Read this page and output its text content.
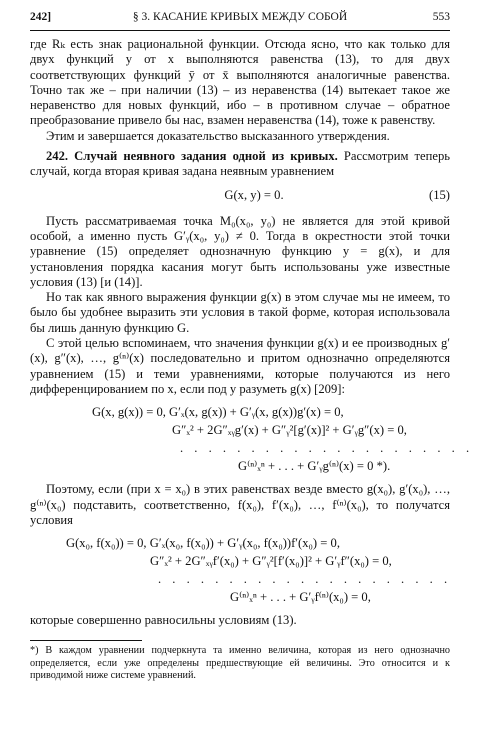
242]	§ 3. КАСАНИЕ КРИВЫХ МЕЖДУ СОБОЙ	553

где Rₖ есть знак рациональной функции. Отсюда ясно, что как только для двух функций y от x выполняются равенства (13), то для двух соответствующих функций ȳ от x̄ выполняются аналогичные равенства. Точно так же – при наличии (13) – из неравенства (14) вытекает такое же неравенство для новых функций, ибо – в противном случае – обратное преобразование привело бы нас, взамен неравенства (14), тоже к равенству.

Этим и завершается доказательство высказанного утверждения.

242. Случай неявного задания одной из кривых. Рассмотрим теперь случай, когда вторая кривая задана неявным уравнением

G(x, y) = 0.	(15)

Пусть рассматриваемая точка M₀(x₀, y₀) не является для этой кривой особой, а именно пусть G′ᵧ(x₀, y₀) ≠ 0. Тогда в окрестности этой точки уравнение (15) определяет однозначную функцию y = g(x), и для установления порядка касания могут быть использованы уже известные условия (13) [и (14)].

Но так как явного выражения функции g(x) в этом случае мы не имеем, то было бы удобнее выразить эти условия в такой форме, которая использовала бы лишь данную функцию G.

С этой целью вспоминаем, что значения функции g(x) и ее производных g′(x), g″(x), …, g⁽ⁿ⁾(x) последовательно и притом однозначно определяются уравнением (15) и теми уравнениями, которые получаются из него дифференцированием по x, если под y разуметь g(x) [209]:

G(x, g(x)) = 0, G′ₓ(x, g(x)) + G′ᵧ(x, g(x))g′(x) = 0,
G″ₓ² + 2G″ₓᵧg′(x) + G″ᵧ²[g′(x)]² + G′ᵧg″(x) = 0,
. . . . . . . . . . . . . . . . . . . . .
G⁽ⁿ⁾ₓⁿ + . . . + G′ᵧg⁽ⁿ⁾(x) = 0 *).

Поэтому, если (при x = x₀) в этих равенствах везде вместо g(x₀), g′(x₀), …, g⁽ⁿ⁾(x₀) подставить, соответственно, f(x₀), f′(x₀), …, f⁽ⁿ⁾(x₀), то получатся условия

G(x₀, f(x₀)) = 0, G′ₓ(x₀, f(x₀)) + G′ᵧ(x₀, f(x₀))f′(x₀) = 0,
G″ₓ² + 2G″ₓᵧf′(x₀) + G″ᵧ²[f′(x₀)]² + G′ᵧf″(x₀) = 0,
. . . . . . . . . . . . . . . . . . . . .
G⁽ⁿ⁾ₓⁿ + . . . + G′ᵧf⁽ⁿ⁾(x₀) = 0,

которые совершенно равносильны условиям (13).

*) В каждом уравнении подчеркнута та именно величина, которая из него однозначно определяется, если уже определены предшествующие ей величины. Это относится и к приводимой ниже системе уравнений.
